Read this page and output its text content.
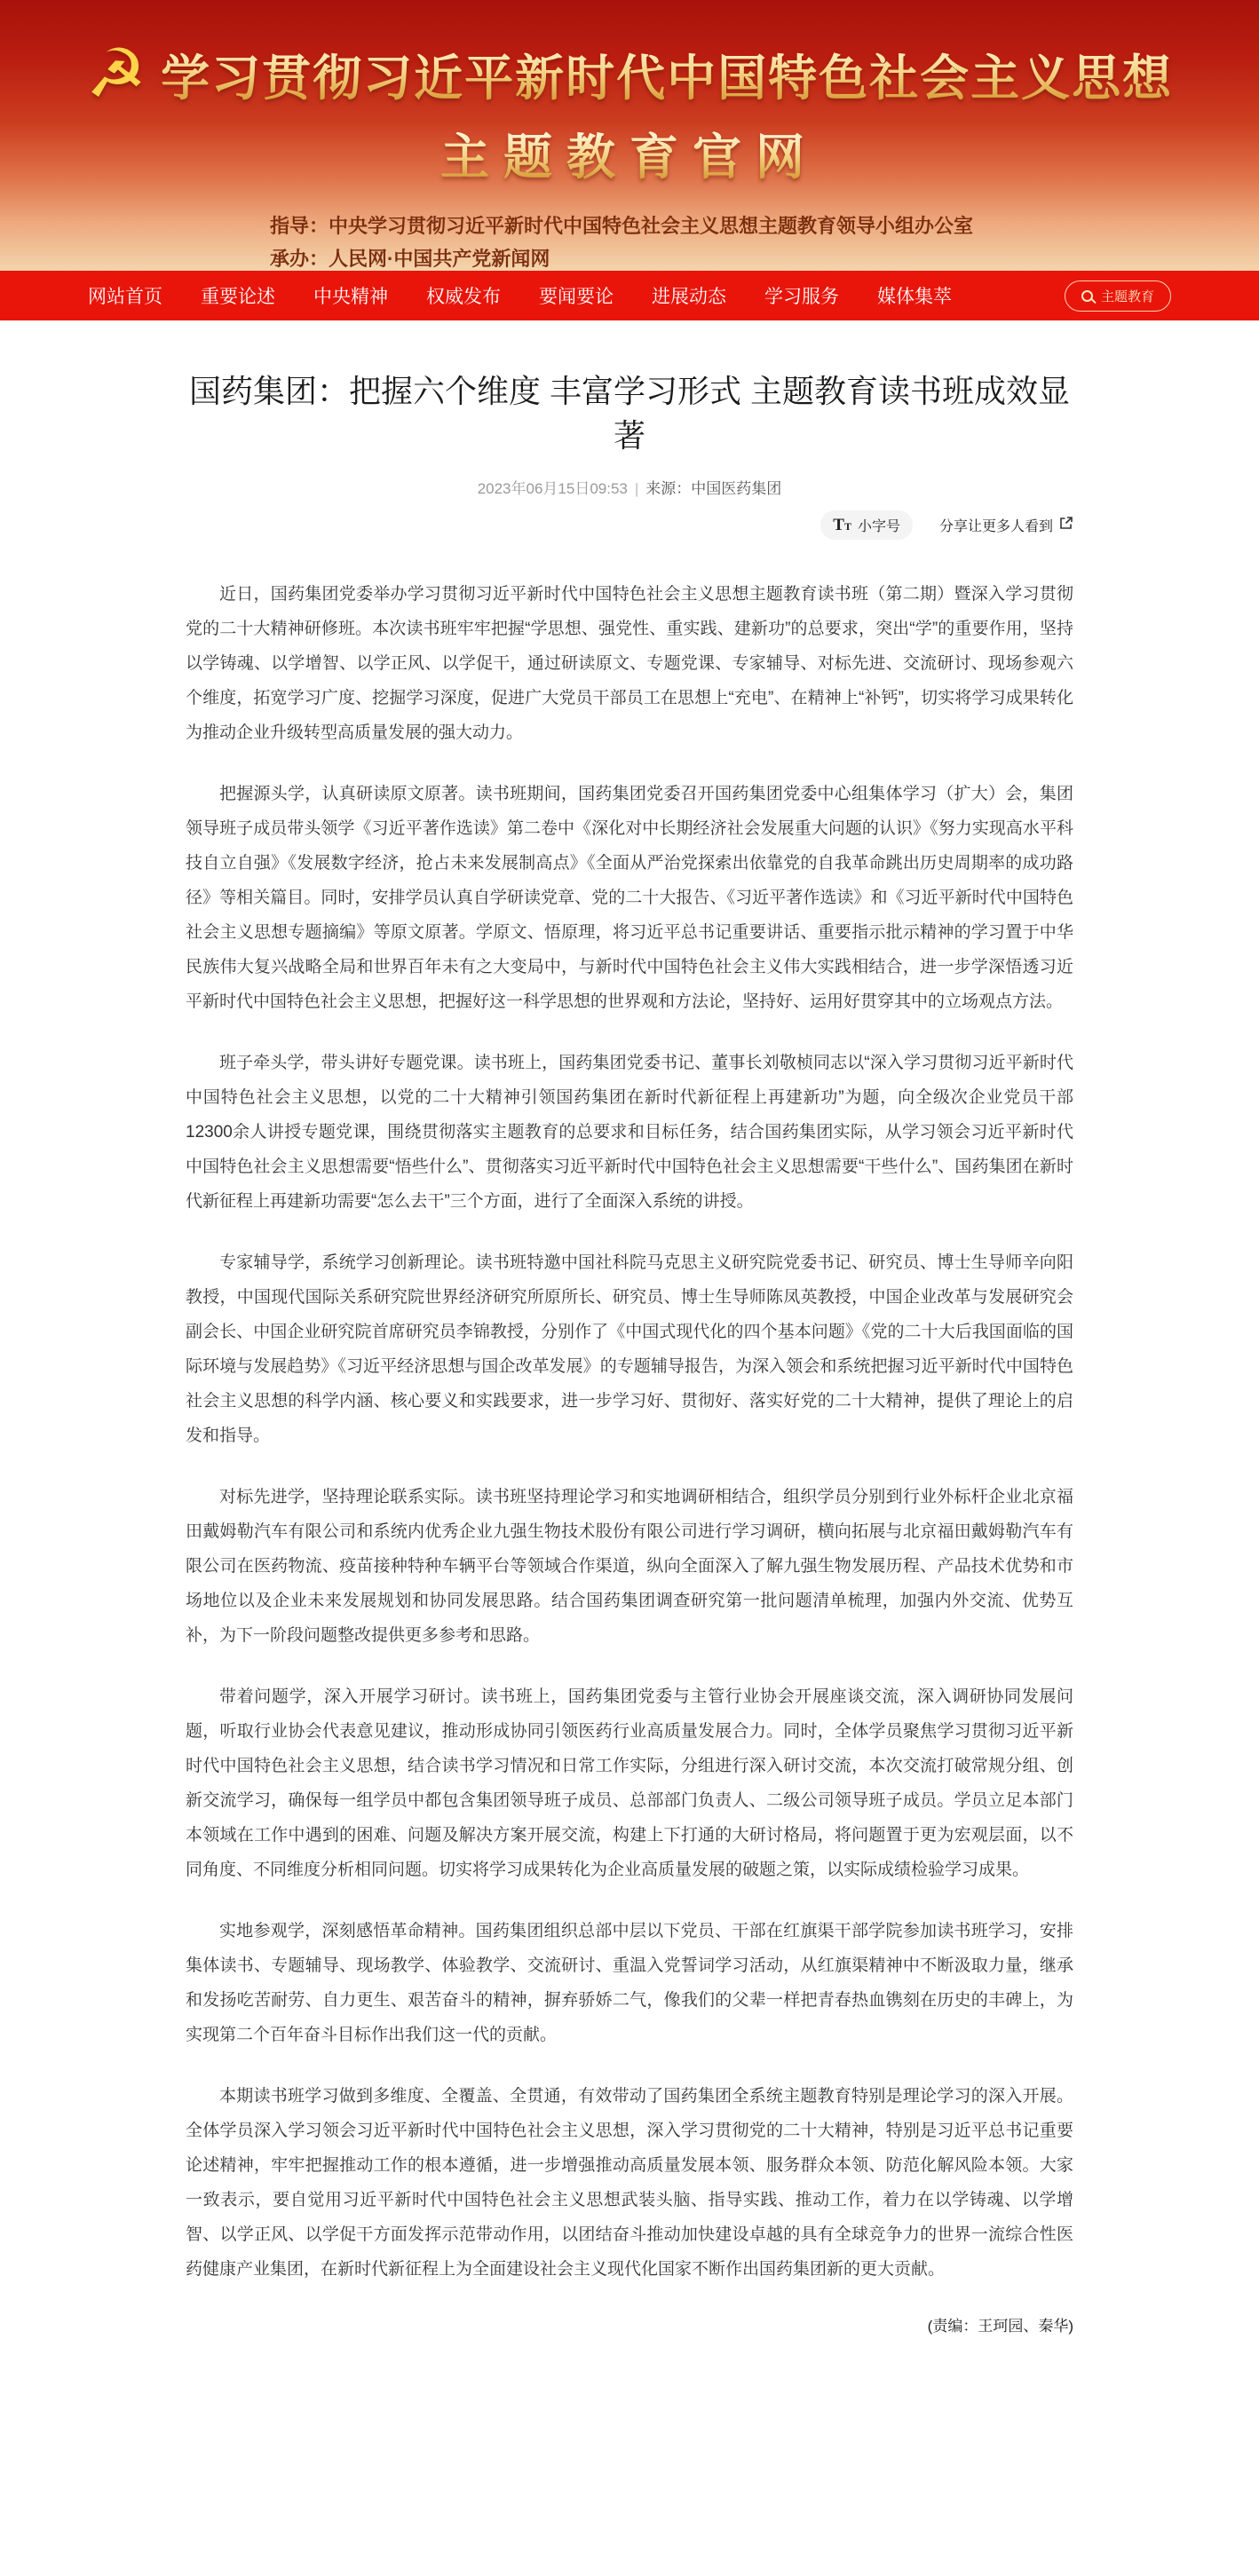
☭ 学习贯彻习近平新时代中国特色社会主义思想
主题教育官网
指导：中央学习贯彻习近平新时代中国特色社会主义思想主题教育领导小组办公室
承办：人民网·中国共产党新闻网
网站首页 重要论述 中央精神 权威发布 要闻要论 进展动态 学习服务 媒体集萃	主题教育
国药集团：把握六个维度 丰富学习形式 主题教育读书班成效显著
2023年06月15日09:53 | 来源：中国医药集团
TT 小字号	分享让更多人看到

近日，国药集团党委举办学习贯彻习近平新时代中国特色社会主义思想主题教育读书班（第二期）暨深入学习贯彻党的二十大精神研修班。本次读书班牢牢把握“学思想、强党性、重实践、建新功”的总要求，突出“学”的重要作用，坚持以学铸魂、以学增智、以学正风、以学促干，通过研读原文、专题党课、专家辅导、对标先进、交流研讨、现场参观六个维度，拓宽学习广度、挖掘学习深度，促进广大党员干部员工在思想上“充电”、在精神上“补钙”，切实将学习成果转化为推动企业升级转型高质量发展的强大动力。

把握源头学，认真研读原文原著。读书班期间，国药集团党委召开国药集团党委中心组集体学习（扩大）会，集团领导班子成员带头领学《习近平著作选读》第二卷中《深化对中长期经济社会发展重大问题的认识》《努力实现高水平科技自立自强》《发展数字经济，抢占未来发展制高点》《全面从严治党探索出依靠党的自我革命跳出历史周期率的成功路径》等相关篇目。同时，安排学员认真自学研读党章、党的二十大报告、《习近平著作选读》和《习近平新时代中国特色社会主义思想专题摘编》等原文原著。学原文、悟原理，将习近平总书记重要讲话、重要指示批示精神的学习置于中华民族伟大复兴战略全局和世界百年未有之大变局中，与新时代中国特色社会主义伟大实践相结合，进一步学深悟透习近平新时代中国特色社会主义思想，把握好这一科学思想的世界观和方法论，坚持好、运用好贯穿其中的立场观点方法。

班子牵头学，带头讲好专题党课。读书班上，国药集团党委书记、董事长刘敬桢同志以“深入学习贯彻习近平新时代中国特色社会主义思想，以党的二十大精神引领国药集团在新时代新征程上再建新功”为题，向全级次企业党员干部12300余人讲授专题党课，围绕贯彻落实主题教育的总要求和目标任务，结合国药集团实际，从学习领会习近平新时代中国特色社会主义思想需要“悟些什么”、贯彻落实习近平新时代中国特色社会主义思想需要“干些什么”、国药集团在新时代新征程上再建新功需要“怎么去干”三个方面，进行了全面深入系统的讲授。

专家辅导学，系统学习创新理论。读书班特邀中国社科院马克思主义研究院党委书记、研究员、博士生导师辛向阳教授，中国现代国际关系研究院世界经济研究所原所长、研究员、博士生导师陈凤英教授，中国企业改革与发展研究会副会长、中国企业研究院首席研究员李锦教授，分别作了《中国式现代化的四个基本问题》《党的二十大后我国面临的国际环境与发展趋势》《习近平经济思想与国企改革发展》的专题辅导报告，为深入领会和系统把握习近平新时代中国特色社会主义思想的科学内涵、核心要义和实践要求，进一步学习好、贯彻好、落实好党的二十大精神，提供了理论上的启发和指导。

对标先进学，坚持理论联系实际。读书班坚持理论学习和实地调研相结合，组织学员分别到行业外标杆企业北京福田戴姆勒汽车有限公司和系统内优秀企业九强生物技术股份有限公司进行学习调研，横向拓展与北京福田戴姆勒汽车有限公司在医药物流、疫苗接种特种车辆平台等领域合作渠道，纵向全面深入了解九强生物发展历程、产品技术优势和市场地位以及企业未来发展规划和协同发展思路。结合国药集团调查研究第一批问题清单梳理，加强内外交流、优势互补，为下一阶段问题整改提供更多参考和思路。

带着问题学，深入开展学习研讨。读书班上，国药集团党委与主管行业协会开展座谈交流，深入调研协同发展问题，听取行业协会代表意见建议，推动形成协同引领医药行业高质量发展合力。同时，全体学员聚焦学习贯彻习近平新时代中国特色社会主义思想，结合读书学习情况和日常工作实际，分组进行深入研讨交流，本次交流打破常规分组、创新交流学习，确保每一组学员中都包含集团领导班子成员、总部部门负责人、二级公司领导班子成员。学员立足本部门本领域在工作中遇到的困难、问题及解决方案开展交流，构建上下打通的大研讨格局，将问题置于更为宏观层面，以不同角度、不同维度分析相同问题。切实将学习成果转化为企业高质量发展的破题之策，以实际成绩检验学习成果。

实地参观学，深刻感悟革命精神。国药集团组织总部中层以下党员、干部在红旗渠干部学院参加读书班学习，安排集体读书、专题辅导、现场教学、体验教学、交流研讨、重温入党誓词学习活动，从红旗渠精神中不断汲取力量，继承和发扬吃苦耐劳、自力更生、艰苦奋斗的精神，摒弃骄娇二气，像我们的父辈一样把青春热血镌刻在历史的丰碑上，为实现第二个百年奋斗目标作出我们这一代的贡献。

本期读书班学习做到多维度、全覆盖、全贯通，有效带动了国药集团全系统主题教育特别是理论学习的深入开展。全体学员深入学习领会习近平新时代中国特色社会主义思想，深入学习贯彻党的二十大精神，特别是习近平总书记重要论述精神，牢牢把握推动工作的根本遵循，进一步增强推动高质量发展本领、服务群众本领、防范化解风险本领。大家一致表示，要自觉用习近平新时代中国特色社会主义思想武装头脑、指导实践、推动工作，着力在以学铸魂、以学增智、以学正风、以学促干方面发挥示范带动作用，以团结奋斗推动加快建设卓越的具有全球竞争力的世界一流综合性医药健康产业集团，在新时代新征程上为全面建设社会主义现代化国家不断作出国药集团新的更大贡献。

(责编：王珂园、秦华)
